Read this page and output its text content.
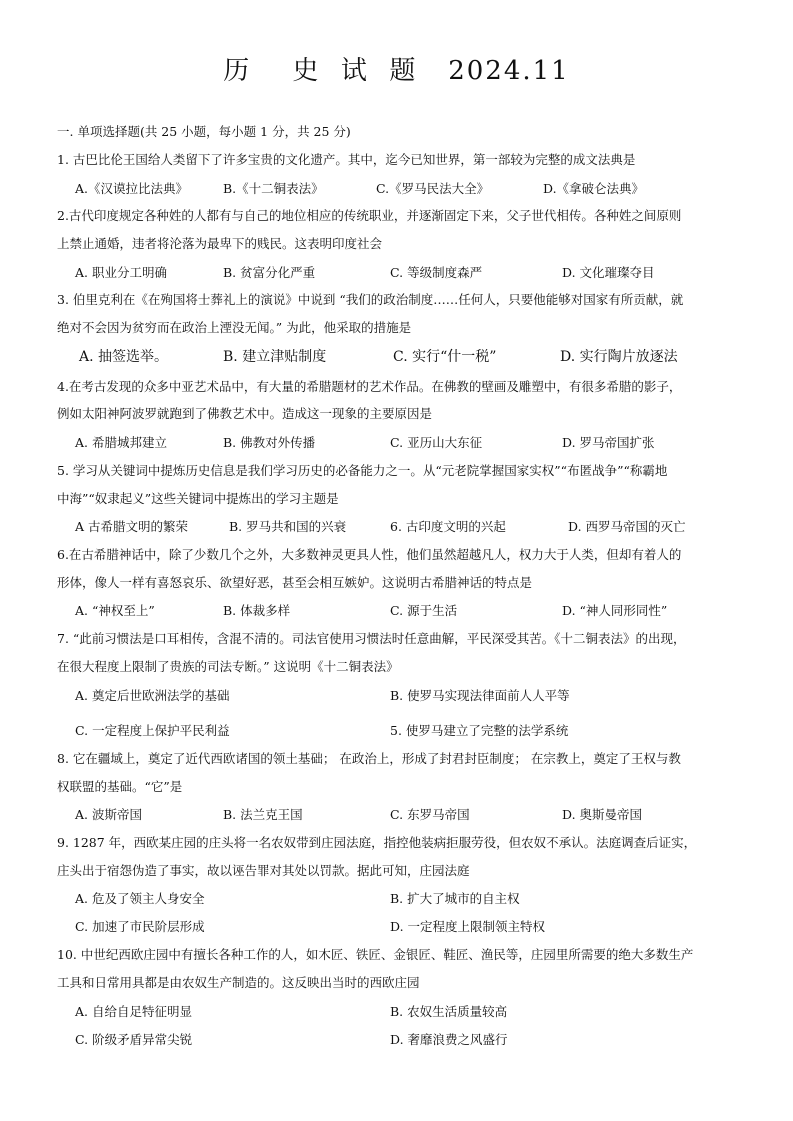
历    史  试  题   2024.11
一. 单项选择题(共 25 小题，每小题 1 分，共 25 分)
1. 古巴比伦王国给人类留下了许多宝贵的文化遗产。其中，迄今已知世界，第一部较为完整的成文法典是
A.《汉谟拉比法典》	B.《十二铜表法》	C.《罗马民法大全》	D.《拿破仑法典》
2.古代印度规定各种姓的人都有与自己的地位相应的传统职业，并逐渐固定下来，父子世代相传。各种姓之间原则
上禁止通婚，违者将沦落为最卑下的贱民。这表明印度社会
A. 职业分工明确	B. 贫富分化严重	C. 等级制度森严	D. 文化璀璨夺目
3. 伯里克利在《在殉国将士葬礼上的演说》中说到 “我们的政治制度……任何人，只要他能够对国家有所贡献，就
绝对不会因为贫穷而在政治上湮没无闻。” 为此，他采取的措施是
A. 抽签选举。	B. 建立津贴制度	C. 实行“什一税”	D. 实行陶片放逐法
4.在考古发现的众多中亚艺术品中，有大量的希腊题材的艺术作品。在佛教的壁画及雕塑中，有很多希腊的影子，
例如太阳神阿波罗就跑到了佛教艺术中。造成这一现象的主要原因是
A. 希腊城邦建立	B. 佛教对外传播	C. 亚历山大东征	D. 罗马帝国扩张
5. 学习从关键词中提炼历史信息是我们学习历史的必备能力之一。从“元老院掌握国家实权”“布匿战争”“称霸地
中海”“奴隶起义”这些关键词中提炼出的学习主题是
A 古希腊文明的繁荣	B. 罗马共和国的兴衰	6. 古印度文明的兴起	D. 西罗马帝国的灭亡
6.在古希腊神话中，除了少数几个之外，大多数神灵更具人性，他们虽然超越凡人，权力大于人类，但却有着人的
形体，像人一样有喜怒哀乐、欲望好恶，甚至会相互嫉妒。这说明古希腊神话的特点是
A. “神权至上”	B. 体裁多样	C. 源于生活	D. “神人同形同性”
7. “此前习惯法是口耳相传，含混不清的。司法官使用习惯法时任意曲解，平民深受其苦。《十二铜表法》的出现，
在很大程度上限制了贵族的司法专断。” 这说明《十二铜表法》
A. 奠定后世欧洲法学的基础	B. 使罗马实现法律面前人人平等
C. 一定程度上保护平民利益	5. 使罗马建立了完整的法学系统
8. 它在疆域上，奠定了近代西欧诸国的领土基础； 在政治上，形成了封君封臣制度； 在宗教上，奠定了王权与教
权联盟的基础。“它”是
A. 波斯帝国	B. 法兰克王国	C. 东罗马帝国	D. 奥斯曼帝国
9. 1287 年，西欧某庄园的庄头将一名农奴带到庄园法庭，指控他装病拒服劳役，但农奴不承认。法庭调查后证实，
庄头出于宿怨伪造了事实，故以诬告罪对其处以罚款。据此可知，庄园法庭
A. 危及了领主人身安全	B. 扩大了城市的自主权
C. 加速了市民阶层形成	D. 一定程度上限制领主特权
10. 中世纪西欧庄园中有擅长各种工作的人，如木匠、铁匠、金银匠、鞋匠、渔民等，庄园里所需要的绝大多数生产
工具和日常用具都是由农奴生产制造的。这反映出当时的西欧庄园
A. 自给自足特征明显	B. 农奴生活质量较高
C. 阶级矛盾异常尖锐	D. 奢靡浪费之风盛行
